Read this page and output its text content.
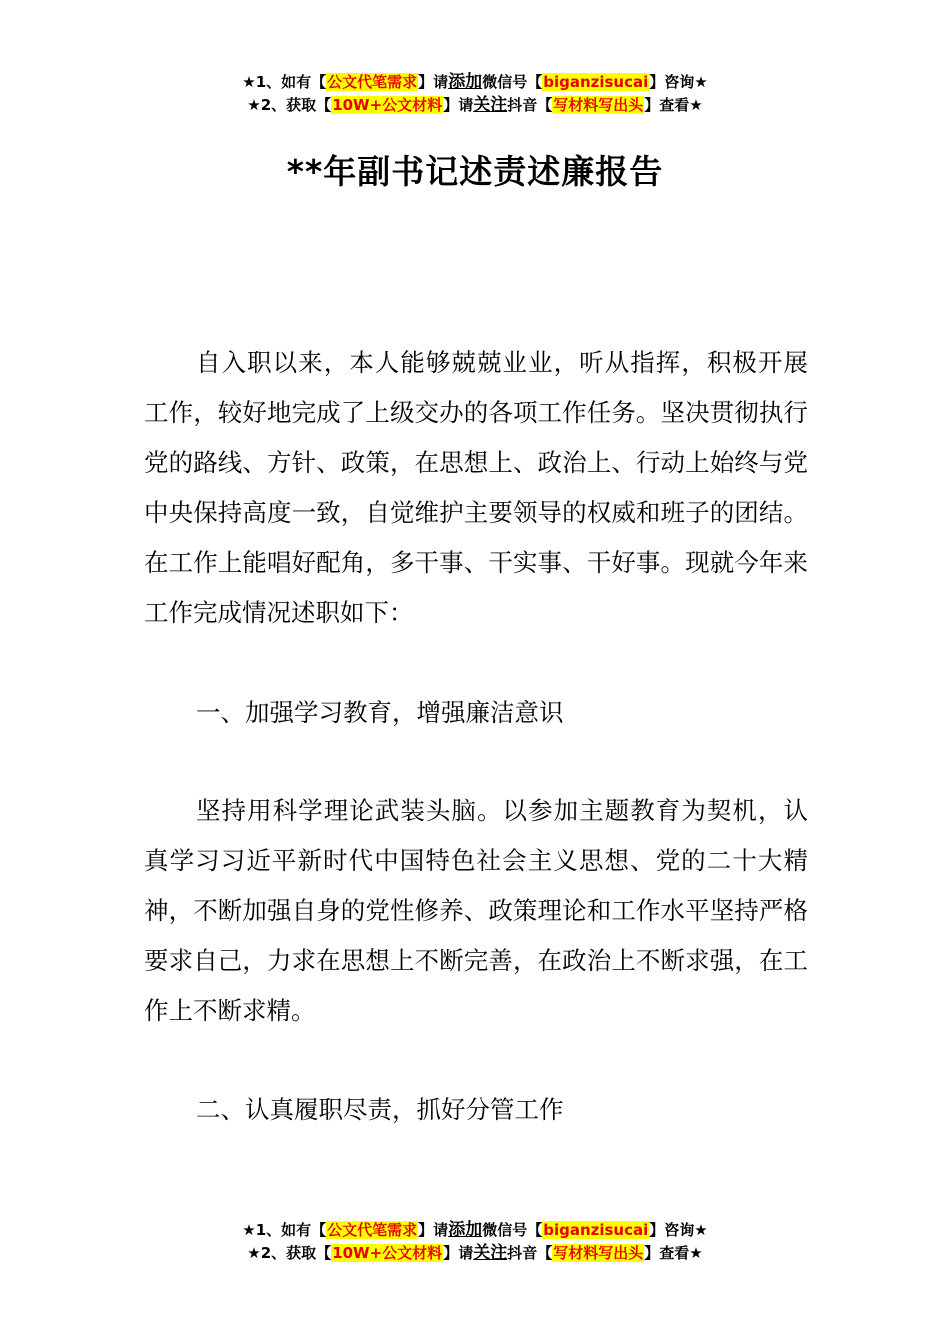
★1、如有【公文代笔需求】请添加微信号【biganzisucai】咨询★
★2、获取【10W+公文材料】请关注抖音【写材料写出头】查看★
**年副书记述责述廉报告

自入职以来，本人能够兢兢业业，听从指挥，积极开展工作，较好地完成了上级交办的各项工作任务。坚决贯彻执行党的路线、方针、政策，在思想上、政治上、行动上始终与党中央保持高度一致，自觉维护主要领导的权威和班子的团结。在工作上能唱好配角，多干事、干实事、干好事。现就今年来工作完成情况述职如下：

一、加强学习教育，增强廉洁意识

坚持用科学理论武装头脑。以参加主题教育为契机，认真学习习近平新时代中国特色社会主义思想、党的二十大精神，不断加强自身的党性修养、政策理论和工作水平坚持严格要求自己，力求在思想上不断完善，在政治上不断求强，在工作上不断求精。

二、认真履职尽责，抓好分管工作

★1、如有【公文代笔需求】请添加微信号【biganzisucai】咨询★
★2、获取【10W+公文材料】请关注抖音【写材料写出头】查看★
